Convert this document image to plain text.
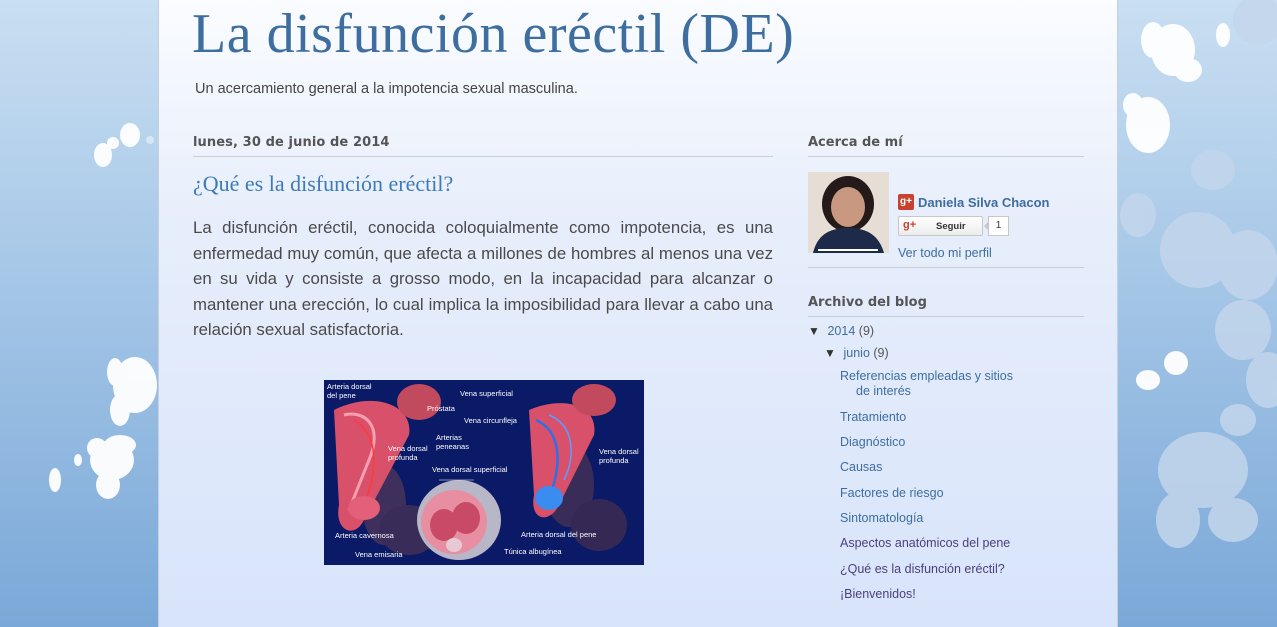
La disfunción eréctil (DE)
Un acercamiento general a la impotencia sexual masculina.
lunes, 30 de junio de 2014
¿Qué es la disfunción eréctil?
La disfunción eréctil, conocida coloquialmente como impotencia, es una enfermedad muy común, que afecta a millones de hombres al menos una vez en su vida y consiste a grosso modo, en la incapacidad para alcanzar o mantener una erección, lo cual implica la imposibilidad para llevar a cabo una relación sexual satisfactoria.
Arteria dorsal
del pene
Próstata
Arterias
peneanas
Vena dorsal
profunda
Vena dorsal superficial
Vena superficial
Vena circunfleja
Vena dorsal
profunda
Arteria cavernosa
Vena emisaria
Arteria dorsal del pene
Túnica albugínea
Acerca de mí
g+ Daniela Silva Chacon
g+ Seguir	1
Ver todo mi perfil
Archivo del blog
▼ 2014 (9)
▼ junio (9)
Referencias empleadas y sitios
de interés
Tratamiento
Diagnóstico
Causas
Factores de riesgo
Sintomatología
Aspectos anatómicos del pene
¿Qué es la disfunción eréctil?
¡Bienvenidos!
